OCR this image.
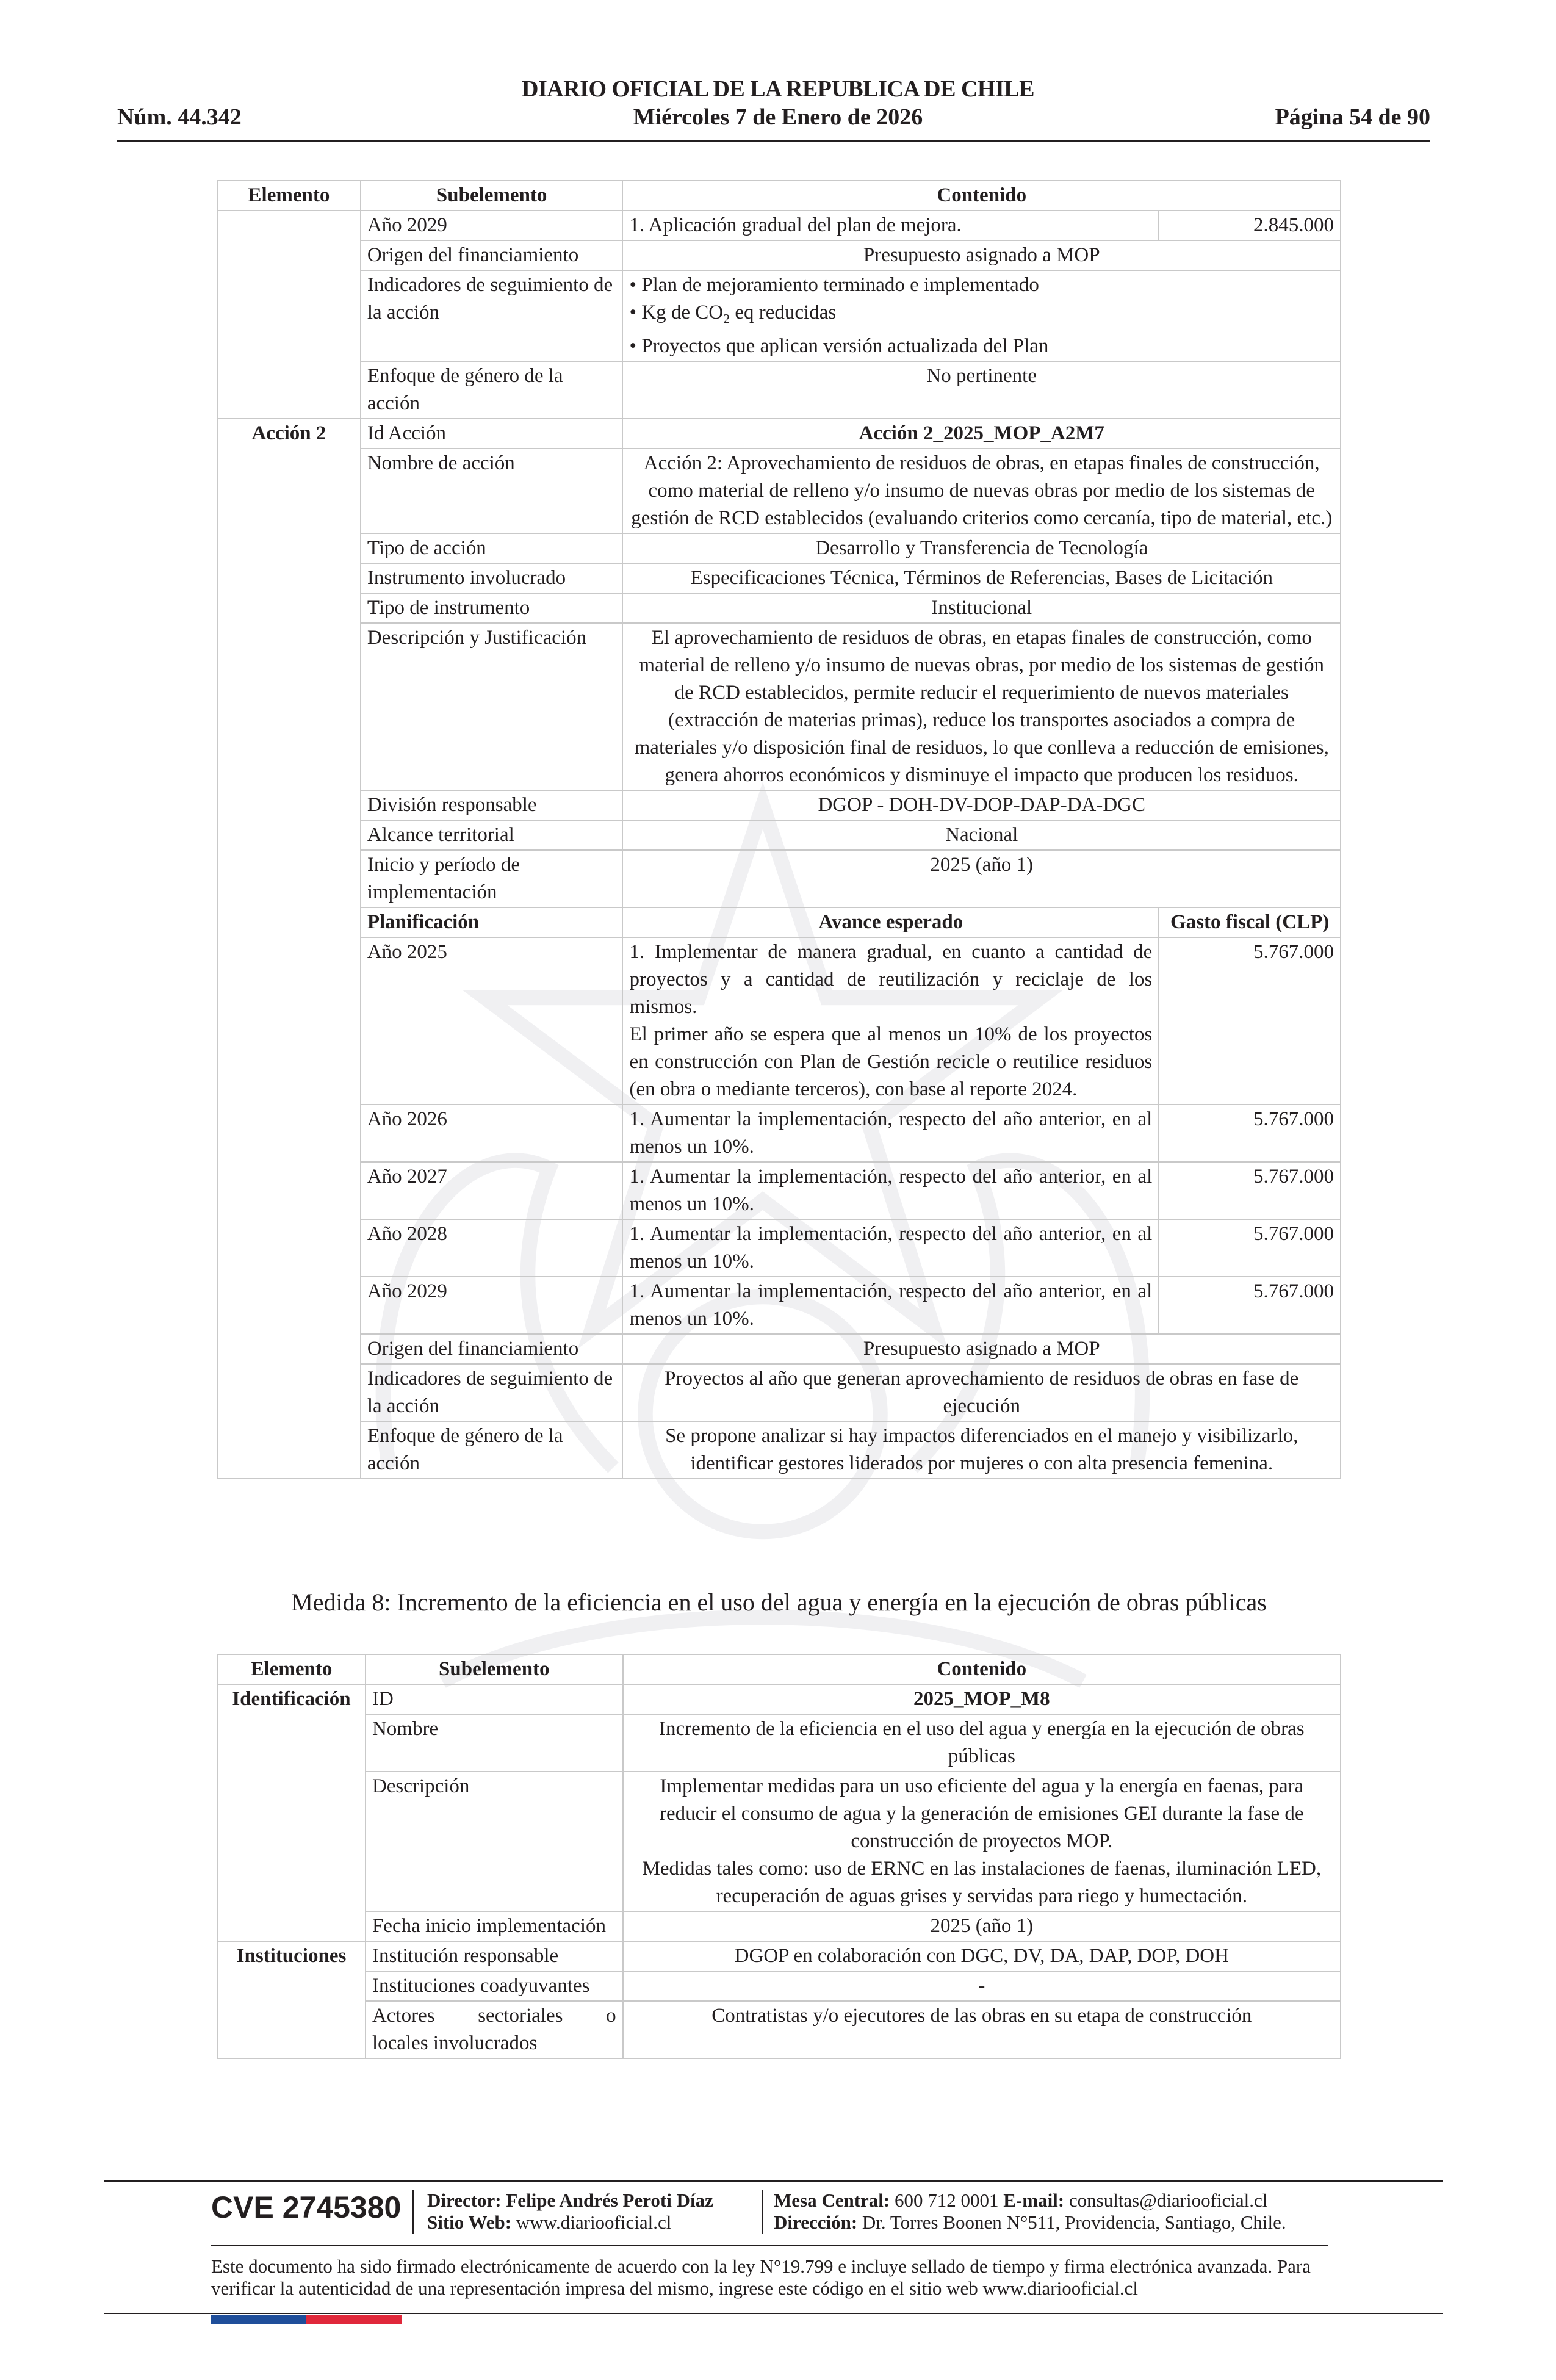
DIARIO OFICIAL DE LA REPUBLICA DE CHILE
Núm. 44.342	Miércoles 7 de Enero de 2026	Página 54 de 90
Elemento	Subelemento	Contenido	
	Año 2029	1. Aplicación gradual del plan de mejora.	2.845.000
	Origen del financiamiento	Presupuesto asignado a MOP	
	Indicadores de seguimiento de la acción	• Plan de mejoramiento terminado e implementado
• Kg de $CO_2$ eq reducidas
• Proyectos que aplican versión actualizada del Plan	

	Enfoque de género de la acción	No pertinente	
Acción 2	Id Acción	Acción 2_2025_MOP_A2M7	
	Nombre de acción	Acción 2: Aprovechamiento de residuos de obras, en etapas finales de construcción, como material de relleno y/o insumo de nuevas obras por medio de los sistemas de gestión de RCD establecidos (evaluando criterios como cercanía, tipo de material, etc.)	
	Tipo de acción	Desarrollo y Transferencia de Tecnología	
	Instrumento involucrado	Especificaciones Técnica, Términos de Referencias, Bases de Licitación	
	Tipo de instrumento	Institucional	
	Descripción y Justificación	El aprovechamiento de residuos de obras, en etapas finales de construcción, como material de relleno y/o insumo de nuevas obras, por medio de los sistemas de gestión de RCD establecidos, permite reducir el requerimiento de nuevos materiales (extracción de materias primas), reduce los transportes asociados a compra de materiales y/o disposición final de residuos, lo que conlleva a reducción de emisiones, genera ahorros económicos y disminuye el impacto que producen los residuos.	
	División responsable	DGOP - DOH-DV-DOP-DAP-DA-DGC	
	Alcance territorial	Nacional	
	Inicio y período de implementación	2025 (año 1)	
	Planificación	Avance esperado	Gasto fiscal (CLP)
	Año 2025	1. Implementar de manera gradual, en cuanto a cantidad de proyectos y a cantidad de reutilización y reciclaje de los mismos.
El primer año se espera que al menos un 10% de los proyectos en construcción con Plan de Gestión recicle o reutilice residuos (en obra o mediante terceros), con base al reporte 2024.	5.767.000
	Año 2026	1. Aumentar la implementación, respecto del año anterior, en al menos un 10%.	5.767.000
	Año 2027	1. Aumentar la implementación, respecto del año anterior, en al menos un 10%.	5.767.000
	Año 2028	1. Aumentar la implementación, respecto del año anterior, en al menos un 10%.	5.767.000
	Año 2029	1. Aumentar la implementación, respecto del año anterior, en al menos un 10%.	5.767.000
	Origen del financiamiento	Presupuesto asignado a MOP	
	Indicadores de seguimiento de la acción	Proyectos al año que generan aprovechamiento de residuos de obras en fase de ejecución	
	Enfoque de género de la acción	Se propone analizar si hay impactos diferenciados en el manejo y visibilizarlo, identificar gestores liderados por mujeres o con alta presencia femenina.	
Medida 8: Incremento de la eficiencia en el uso del agua y energía en la ejecución de obras públicas
Elemento	Subelemento	Contenido
Identificación	ID	2025_MOP_M8
	Nombre	Incremento de la eficiencia en el uso del agua y energía en la ejecución de obras públicas
	Descripción	Implementar medidas para un uso eficiente del agua y la energía en faenas, para reducir el consumo de agua y la generación de emisiones GEI durante la fase de construcción de proyectos MOP.
Medidas tales como: uso de ERNC en las instalaciones de faenas, iluminación LED, recuperación de aguas grises y servidas para riego y humectación.

	Fecha inicio implementación	2025 (año 1)
Instituciones	Institución responsable	DGOP en colaboración con DGC, DV, DA, DAP, DOP, DOH
	Instituciones coadyuvantes	-

	Actores sectoriales o
locales involucrados	Contratistas y/o ejecutores de las obras en su etapa de construcción
CVE 2745380 Director: Felipe Andrés Peroti Díaz
Sitio Web: www.diariooficial.cl
Mesa Central: 600 712 0001 E-mail: consultas@diariooficial.cl
Dirección: Dr. Torres Boonen N°511, Providencia, Santiago, Chile.
Este documento ha sido firmado electrónicamente de acuerdo con la ley N°19.799 e incluye sellado de tiempo y firma electrónica avanzada. Para verificar la autenticidad de una representación impresa del mismo, ingrese este código en el sitio web www.diariooficial.cl
